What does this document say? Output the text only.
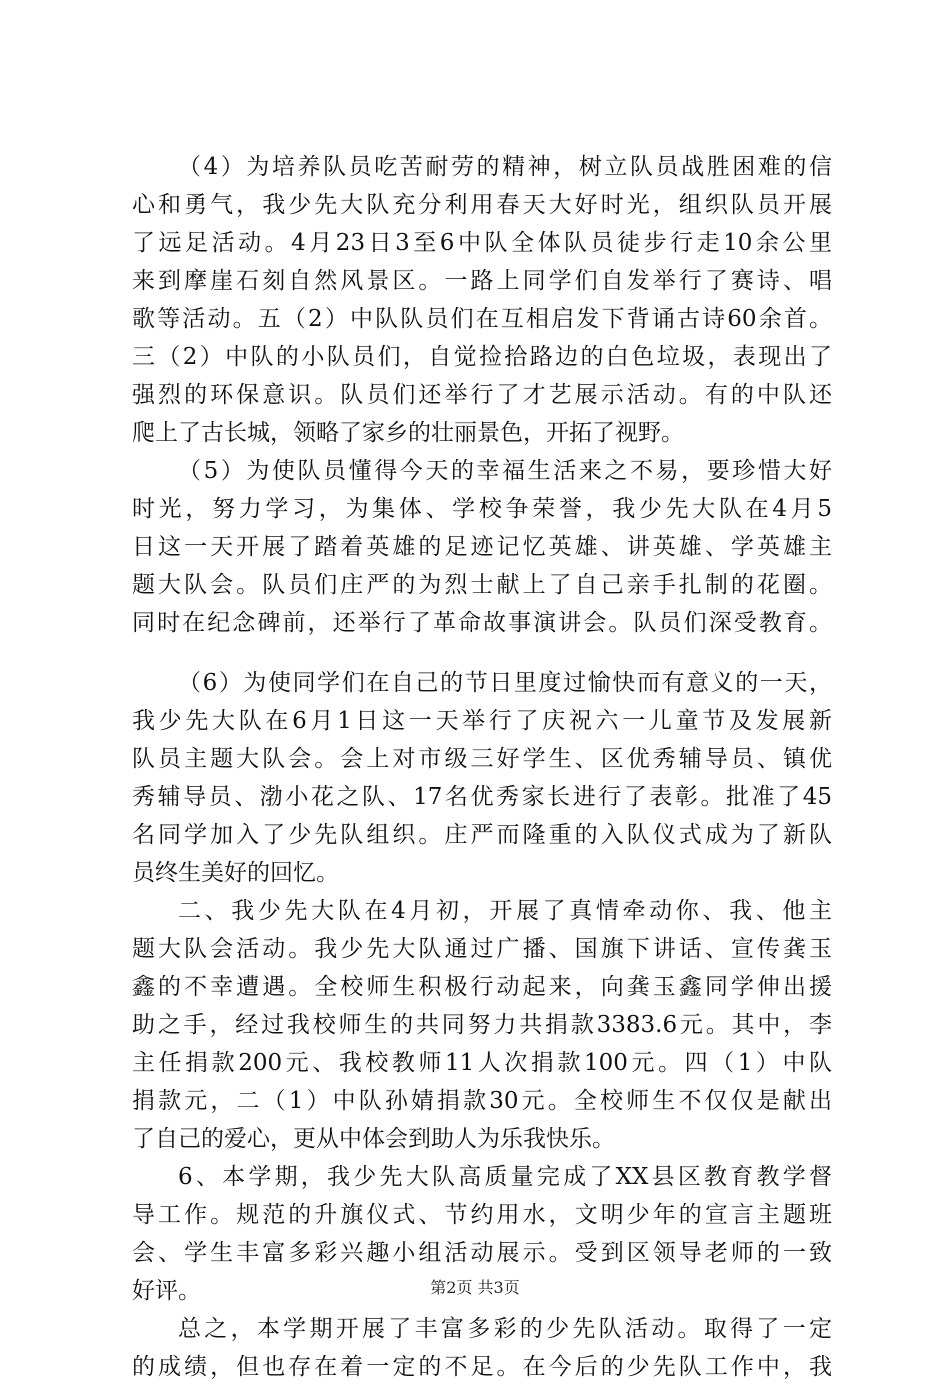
（4）为培养队员吃苦耐劳的精神，树立队员战胜困难的信
心和勇气，我少先大队充分利用春天大好时光，组织队员开展
了远足活动。4月23日3至6中队全体队员徒步行走10余公里
来到摩崖石刻自然风景区。一路上同学们自发举行了赛诗、唱
歌等活动。五（2）中队队员们在互相启发下背诵古诗60余首。
三（2）中队的小队员们，自觉捡拾路边的白色垃圾，表现出了
强烈的环保意识。队员们还举行了才艺展示活动。有的中队还
爬上了古长城，领略了家乡的壮丽景色，开拓了视野。
（5）为使队员懂得今天的幸福生活来之不易，要珍惜大好
时光，努力学习，为集体、学校争荣誉，我少先大队在4月5
日这一天开展了踏着英雄的足迹记忆英雄、讲英雄、学英雄主
题大队会。队员们庄严的为烈士献上了自己亲手扎制的花圈。
同时在纪念碑前，还举行了革命故事演讲会。队员们深受教育。
（6）为使同学们在自己的节日里度过愉快而有意义的一天，
我少先大队在6月1日这一天举行了庆祝六一儿童节及发展新
队员主题大队会。会上对市级三好学生、区优秀辅导员、镇优
秀辅导员、渤小花之队、17名优秀家长进行了表彰。批准了45
名同学加入了少先队组织。庄严而隆重的入队仪式成为了新队
员终生美好的回忆。
二、我少先大队在4月初，开展了真情牵动你、我、他主
题大队会活动。我少先大队通过广播、国旗下讲话、宣传龚玉
鑫的不幸遭遇。全校师生积极行动起来，向龚玉鑫同学伸出援
助之手，经过我校师生的共同努力共捐款3383.6元。其中，李
主任捐款200元、我校教师11人次捐款100元。四（1）中队
捐款元，二（1）中队孙婧捐款30元。全校师生不仅仅是献出
了自己的爱心，更从中体会到助人为乐我快乐。
6、本学期，我少先大队高质量完成了XX县区教育教学督
导工作。规范的升旗仪式、节约用水，文明少年的宣言主题班
会、学生丰富多彩兴趣小组活动展示。受到区领导老师的一致
好评。
总之，本学期开展了丰富多彩的少先队活动。取得了一定
的成绩，但也存在着一定的不足。在今后的少先队工作中，我
第2页 共3页
